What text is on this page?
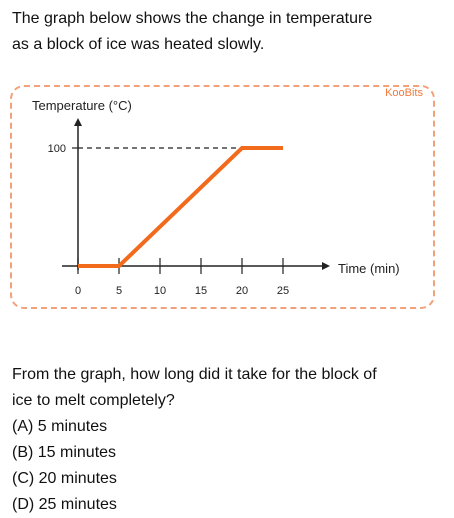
The graph below shows the change in temperature

as a block of ice was heated slowly.

KooBits
Temperature (°C)
Time (min)
100
0	5	10	15	20	25

From the graph, how long did it take for the block of

ice to melt completely?

(A) 5 minutes
(B) 15 minutes
(C) 20 minutes
(D) 25 minutes
